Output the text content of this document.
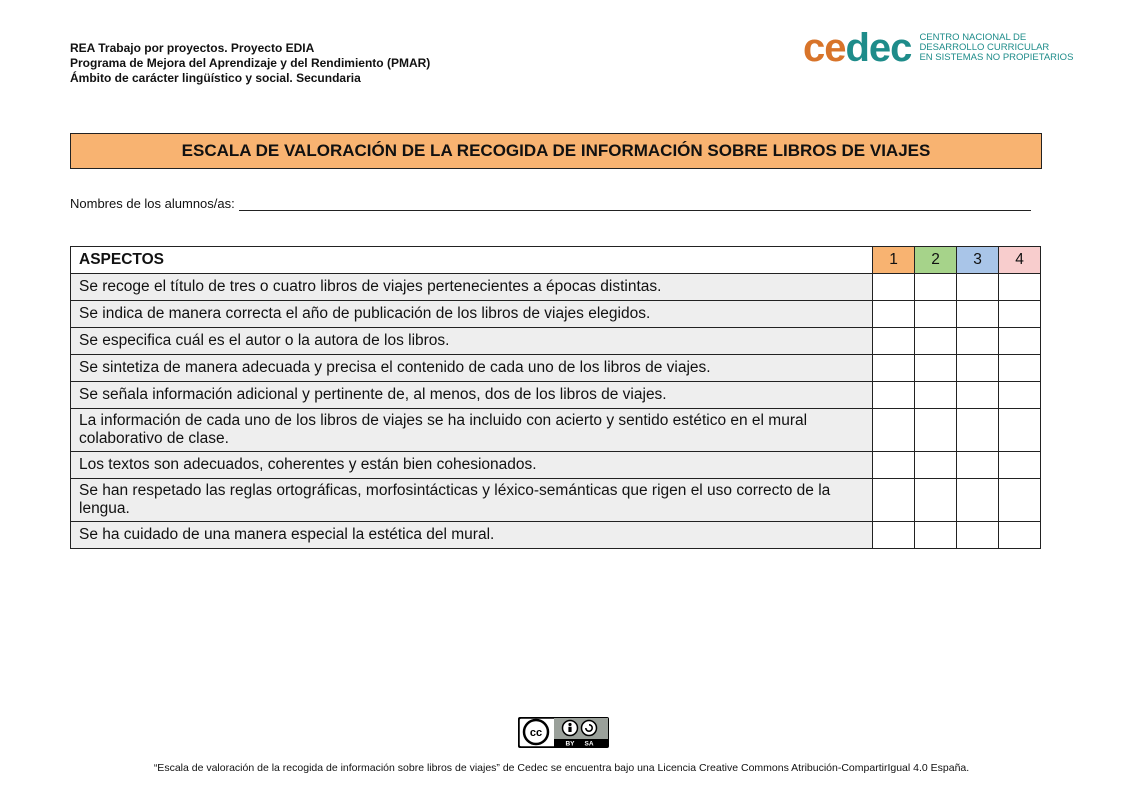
REA Trabajo por proyectos. Proyecto EDIA
Programa de Mejora del Aprendizaje y del Rendimiento (PMAR)
Ámbito de carácter lingüístico y social. Secundaria
cedec CENTRO NACIONAL DE
DESARROLLO CURRICULAR
EN SISTEMAS NO PROPIETARIOS
ESCALA DE VALORACIÓN DE LA RECOGIDA DE INFORMACIÓN SOBRE LIBROS DE VIAJES
Nombres de los alumnos/as:
ASPECTOS	1	2	3	4
Se recoge el título de tres o cuatro libros de viajes pertenecientes a épocas distintas.				
Se indica de manera correcta el año de publicación de los libros de viajes elegidos.				
Se especifica cuál es el autor o la autora de los libros.				
Se sintetiza de manera adecuada y precisa el contenido de cada uno de los libros de viajes.				
Se señala información adicional y pertinente de, al menos, dos de los libros de viajes.				
La información de cada uno de los libros de viajes se ha incluido con acierto y sentido estético en el mural colaborativo de clase.				
Los textos son adecuados, coherentes y están bien cohesionados.				
Se han respetado las reglas ortográficas, morfosintácticas y léxico-semánticas que rigen el uso correcto de la lengua.				
Se ha cuidado de una manera especial la estética del mural.				
cc
BY SA
“Escala de valoración de la recogida de información sobre libros de viajes” de Cedec se encuentra bajo una Licencia Creative Commons Atribución-CompartirIgual 4.0 España.
